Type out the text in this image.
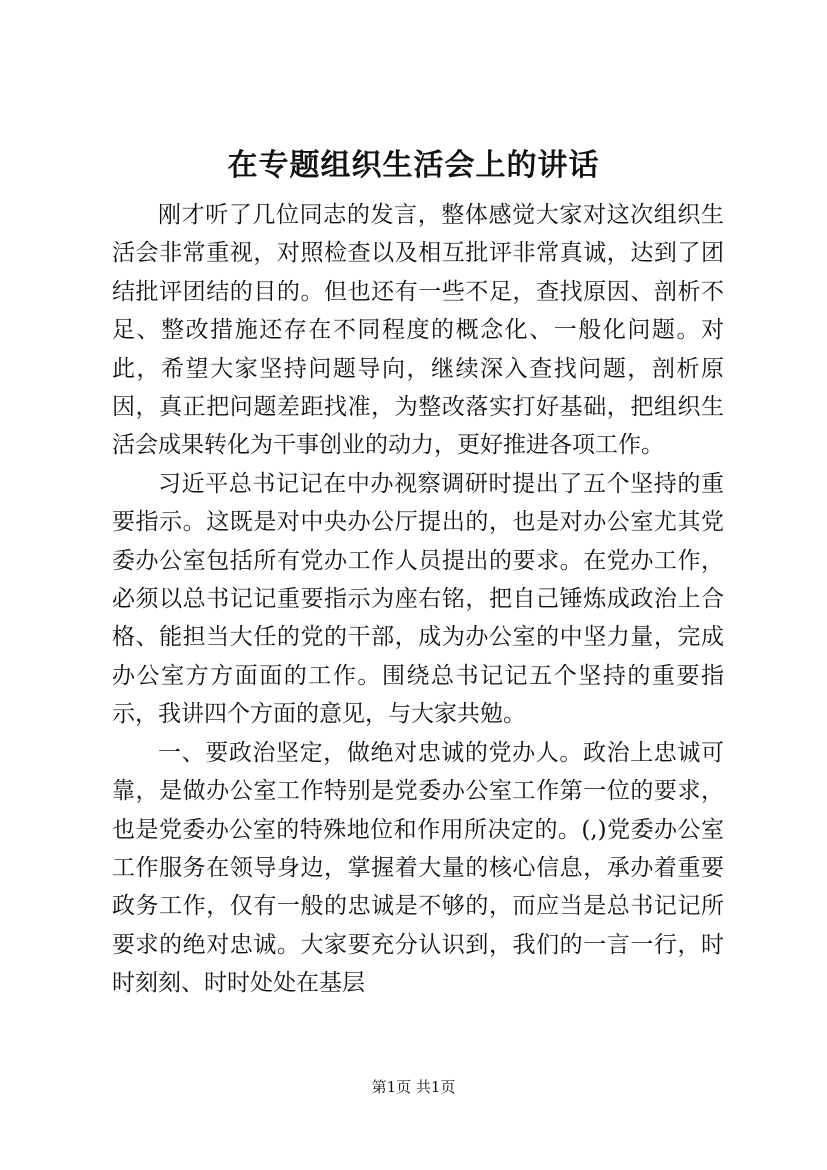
在专题组织生活会上的讲话

刚才听了几位同志的发言，整体感觉大家对这次组织生活会非常重视，对照检查以及相互批评非常真诚，达到了团结批评团结的目的。但也还有一些不足，查找原因、剖析不足、整改措施还存在不同程度的概念化、一般化问题。对此，希望大家坚持问题导向，继续深入查找问题，剖析原因，真正把问题差距找准，为整改落实打好基础，把组织生活会成果转化为干事创业的动力，更好推进各项工作。

习近平总书记记在中办视察调研时提出了五个坚持的重要指示。这既是对中央办公厅提出的，也是对办公室尤其党委办公室包括所有党办工作人员提出的要求。在党办工作，必须以总书记记重要指示为座右铭，把自己锤炼成政治上合格、能担当大任的党的干部，成为办公室的中坚力量，完成办公室方方面面的工作。围绕总书记记五个坚持的重要指示，我讲四个方面的意见，与大家共勉。

一、要政治坚定，做绝对忠诚的党办人。政治上忠诚可靠，是做办公室工作特别是党委办公室工作第一位的要求，也是党委办公室的特殊地位和作用所决定的。(,)党委办公室工作服务在领导身边，掌握着大量的核心信息，承办着重要政务工作，仅有一般的忠诚是不够的，而应当是总书记记所要求的绝对忠诚。大家要充分认识到，我们的一言一行，时时刻刻、时时处处在基层

第1页 共1页
